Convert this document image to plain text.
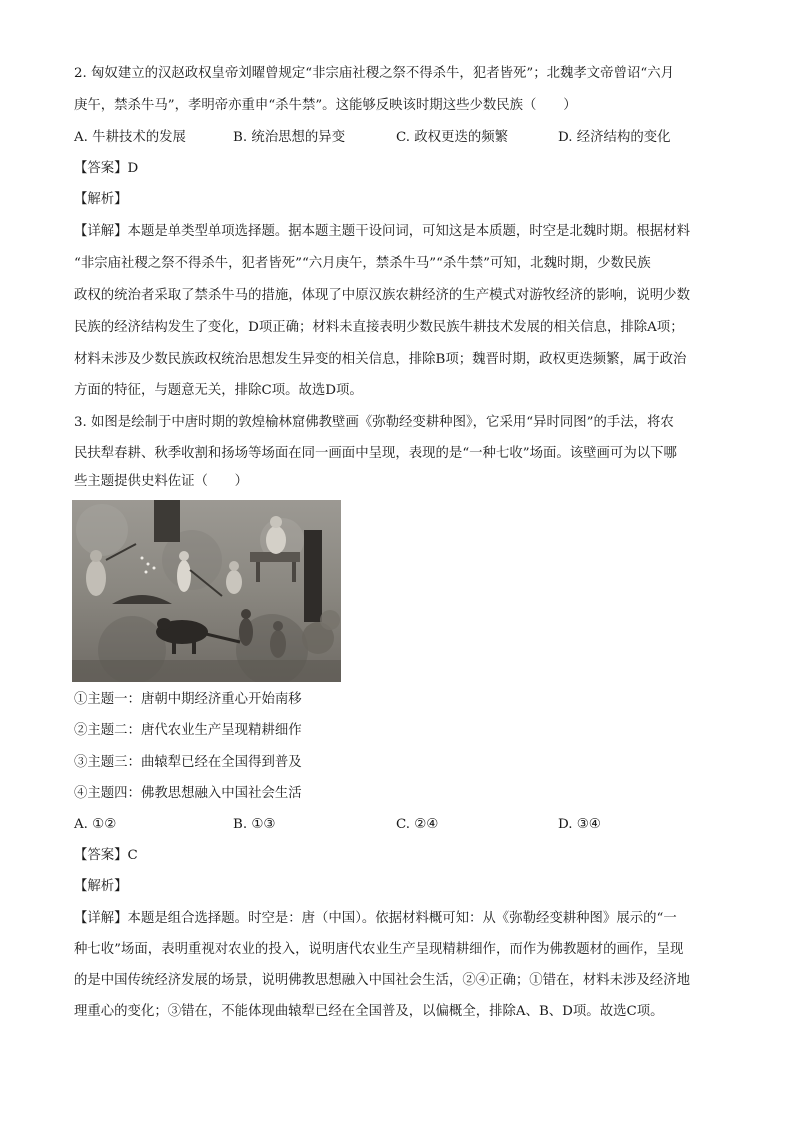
2. 匈奴建立的汉赵政权皇帝刘曜曾规定“非宗庙社稷之祭不得杀牛，犯者皆死”；北魏孝文帝曾诏“六月
庚午，禁杀牛马”，孝明帝亦重申“杀牛禁”。这能够反映该时期这些少数民族（　　）
A. 牛耕技术的发展	B. 统治思想的异变	C. 政权更迭的频繁	D. 经济结构的变化
【答案】D
【解析】
【详解】本题是单类型单项选择题。据本题主题干设问词，可知这是本质题，时空是北魏时期。根据材料
“非宗庙社稷之祭不得杀牛，犯者皆死”“六月庚午，禁杀牛马”“杀牛禁”可知，北魏时期，少数民族
政权的统治者采取了禁杀牛马的措施，体现了中原汉族农耕经济的生产模式对游牧经济的影响，说明少数
民族的经济结构发生了变化，D项正确；材料未直接表明少数民族牛耕技术发展的相关信息，排除A项；
材料未涉及少数民族政权统治思想发生异变的相关信息，排除B项；魏晋时期，政权更迭频繁，属于政治
方面的特征，与题意无关，排除C项。故选D项。
3. 如图是绘制于中唐时期的敦煌榆林窟佛教壁画《弥勒经变耕种图》，它采用“异时同图”的手法，将农
民扶犁春耕、秋季收割和扬场等场面在同一画面中呈现，表现的是“一种七收”场面。该壁画可为以下哪
些主题提供史料佐证（　　）
①主题一：唐朝中期经济重心开始南移
②主题二：唐代农业生产呈现精耕细作
③主题三：曲辕犁已经在全国得到普及
④主题四：佛教思想融入中国社会生活
A. ①②	B. ①③	C. ②④	D. ③④
【答案】C
【解析】
【详解】本题是组合选择题。时空是：唐（中国）。依据材料概可知：从《弥勒经变耕种图》展示的“一
种七收”场面，表明重视对农业的投入，说明唐代农业生产呈现精耕细作，而作为佛教题材的画作，呈现
的是中国传统经济发展的场景，说明佛教思想融入中国社会生活，②④正确；①错在，材料未涉及经济地
理重心的变化；③错在，不能体现曲辕犁已经在全国普及，以偏概全，排除A、B、D项。故选C项。
